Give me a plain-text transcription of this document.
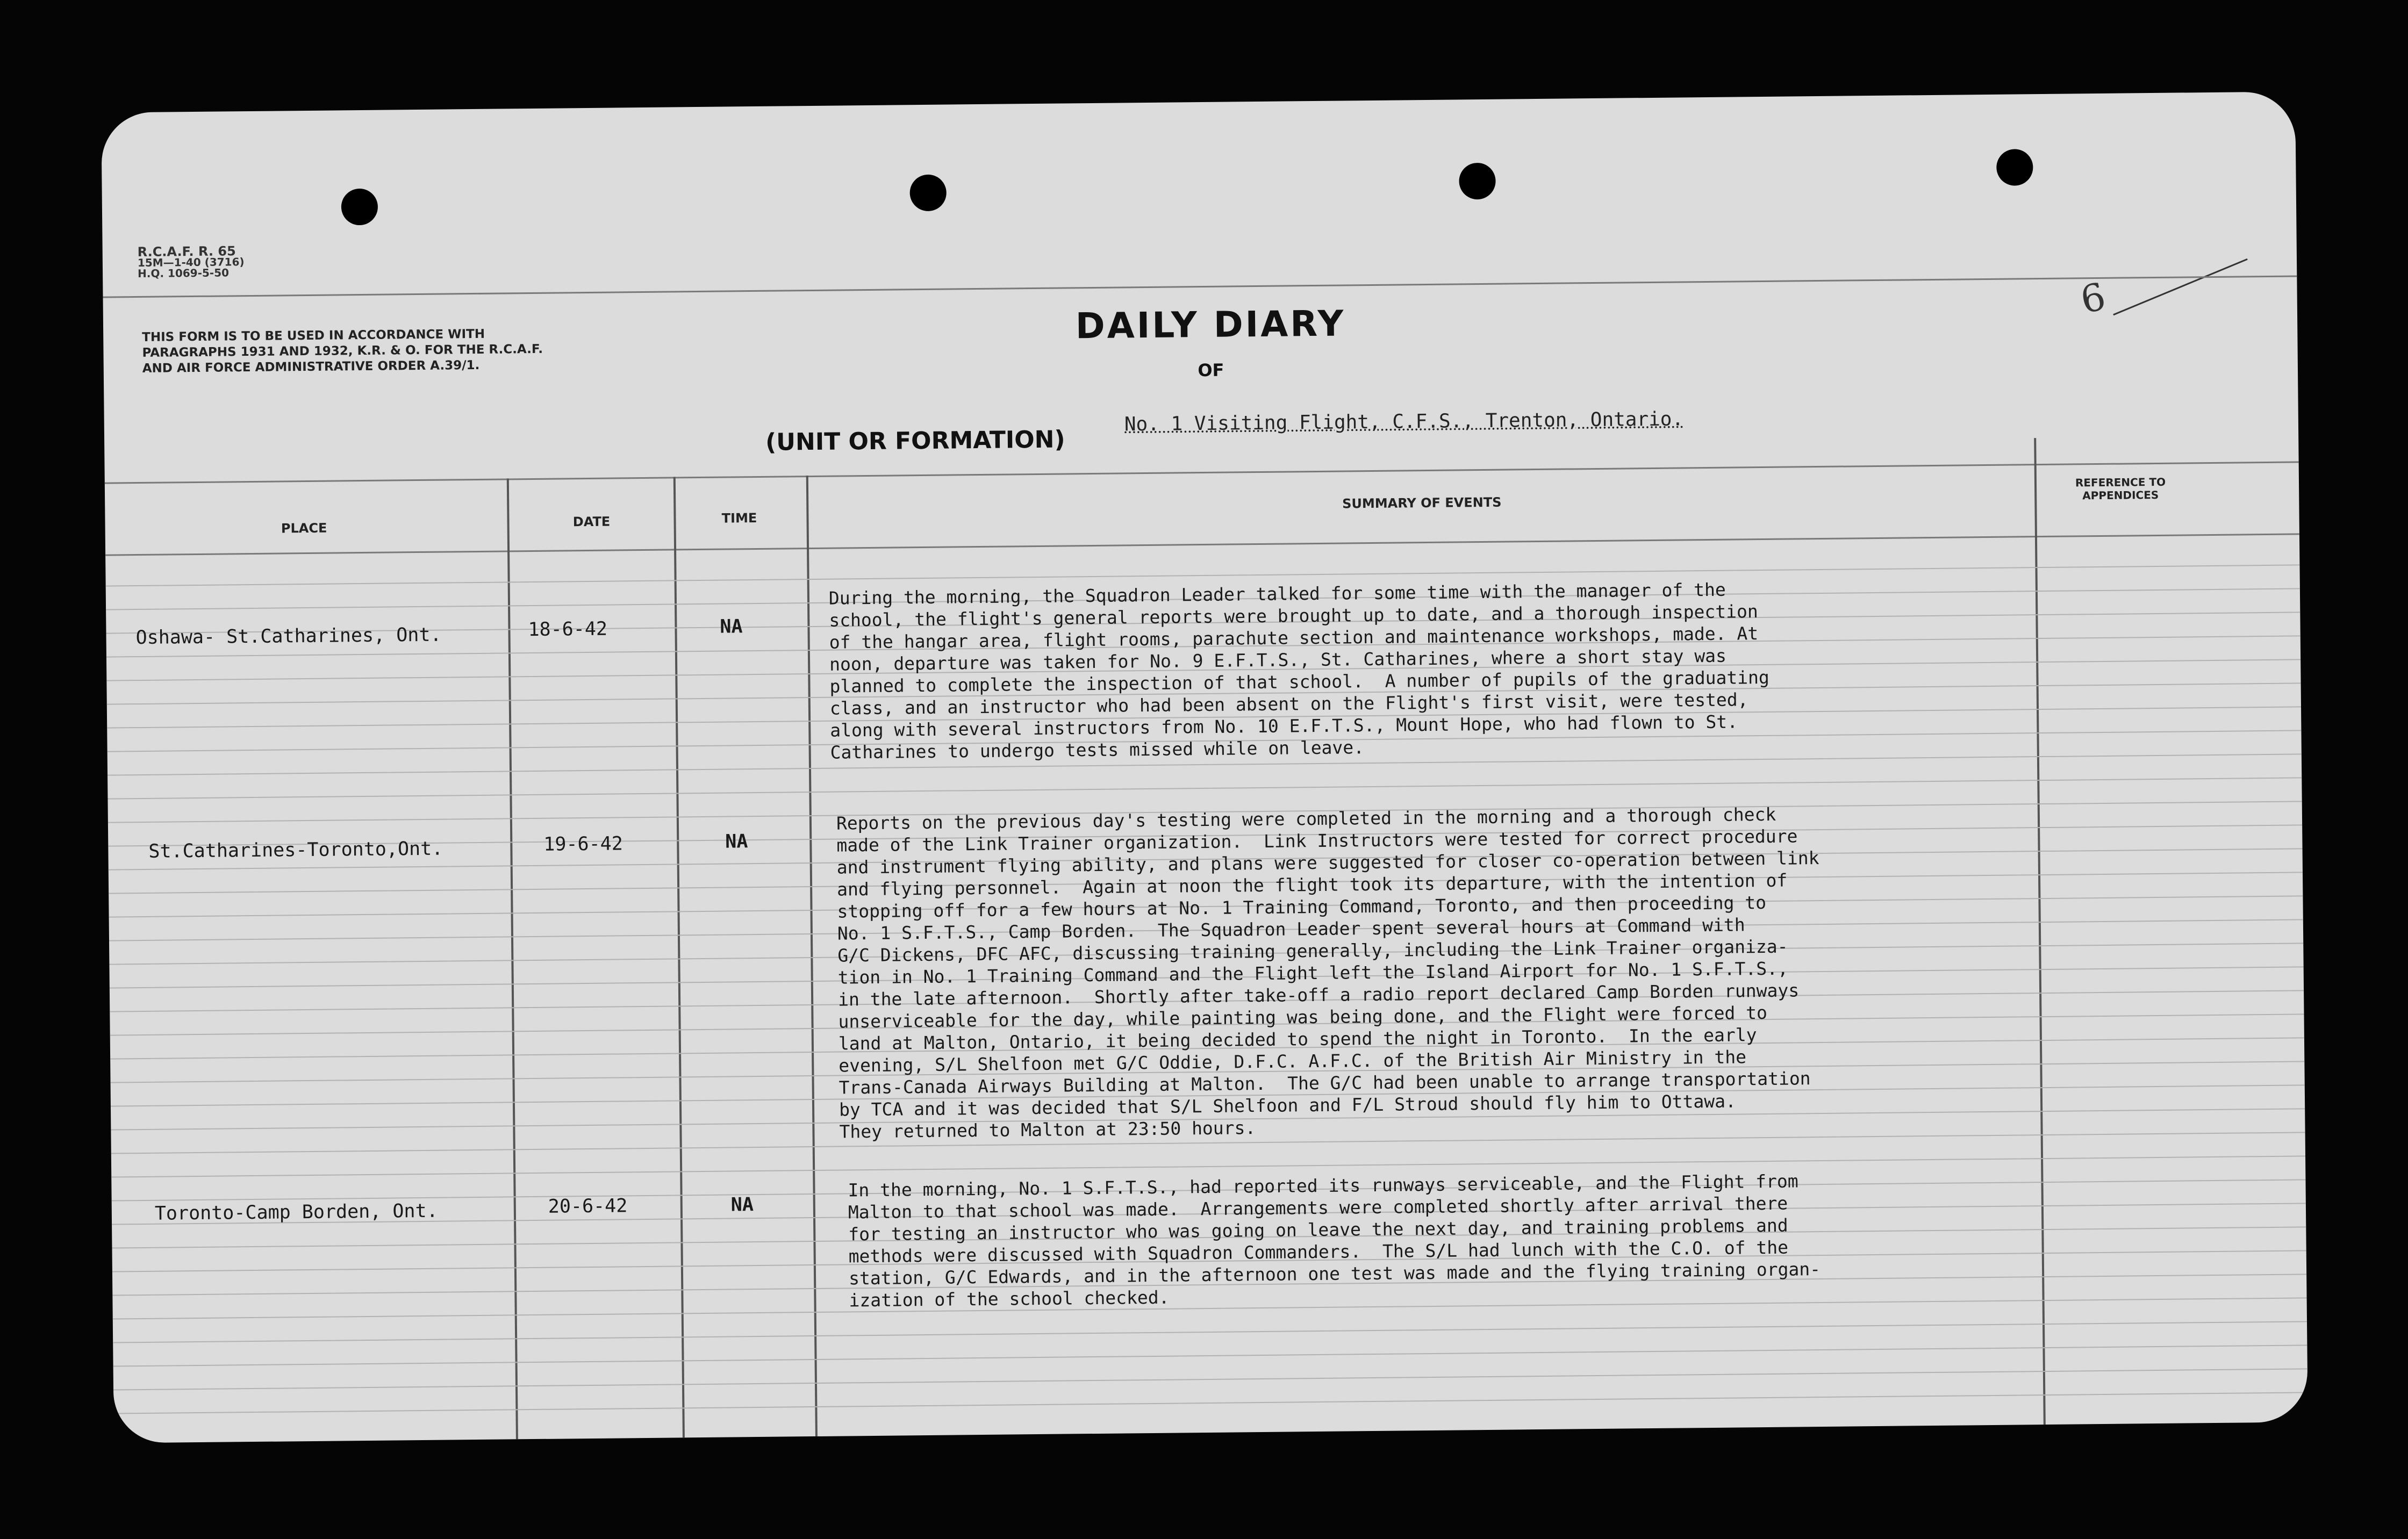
6
R.C.A.F. R. 65
15M—1-40 (3716)
H.Q. 1069-5-50
THIS FORM IS TO BE USED IN ACCORDANCE WITH PARAGRAPHS 1931 AND 1932, K.R. & O. FOR THE R.C.A.F. AND AIR FORCE ADMINISTRATIVE ORDER A.39/1.
DAILY DIARY
OF
(UNIT OR FORMATION)
No. 1 Visiting Flight, C.F.S., Trenton, Ontario.
PLACE	DATE	TIME
SUMMARY OF EVENTS
REFERENCE TO APPENDICES
Oshawa- St.Catharines, Ont.	18-6-42	NA
During the morning, the Squadron Leader talked for some time with the manager of the
school, the flight's general reports were brought up to date, and a thorough inspection
of the hangar area, flight rooms, parachute section and maintenance workshops, made. At
noon, departure was taken for No. 9 E.F.T.S., St. Catharines, where a short stay was
planned to complete the inspection of that school.  A number of pupils of the graduating
class, and an instructor who had been absent on the Flight's first visit, were tested,
along with several instructors from No. 10 E.F.T.S., Mount Hope, who had flown to St.
Catharines to undergo tests missed while on leave.
St.Catharines-Toronto,Ont.	19-6-42	NA
Reports on the previous day's testing were completed in the morning and a thorough check
made of the Link Trainer organization.  Link Instructors were tested for correct procedure
and instrument flying ability, and plans were suggested for closer co-operation between link
and flying personnel.  Again at noon the flight took its departure, with the intention of
stopping off for a few hours at No. 1 Training Command, Toronto, and then proceeding to
No. 1 S.F.T.S., Camp Borden.  The Squadron Leader spent several hours at Command with
G/C Dickens, DFC AFC, discussing training generally, including the Link Trainer organiza-
tion in No. 1 Training Command and the Flight left the Island Airport for No. 1 S.F.T.S.,
in the late afternoon.  Shortly after take-off a radio report declared Camp Borden runways
unserviceable for the day, while painting was being done, and the Flight were forced to
land at Malton, Ontario, it being decided to spend the night in Toronto.  In the early
evening, S/L Shelfoon met G/C Oddie, D.F.C. A.F.C. of the British Air Ministry in the
Trans-Canada Airways Building at Malton.  The G/C had been unable to arrange transportation
by TCA and it was decided that S/L Shelfoon and F/L Stroud should fly him to Ottawa.
They returned to Malton at 23:50 hours.
Toronto-Camp Borden, Ont.	20-6-42	NA
In the morning, No. 1 S.F.T.S., had reported its runways serviceable, and the Flight from
Malton to that school was made.  Arrangements were completed shortly after arrival there
for testing an instructor who was going on leave the next day, and training problems and
methods were discussed with Squadron Commanders.  The S/L had lunch with the C.O. of the
station, G/C Edwards, and in the afternoon one test was made and the flying training organ-
ization of the school checked.
